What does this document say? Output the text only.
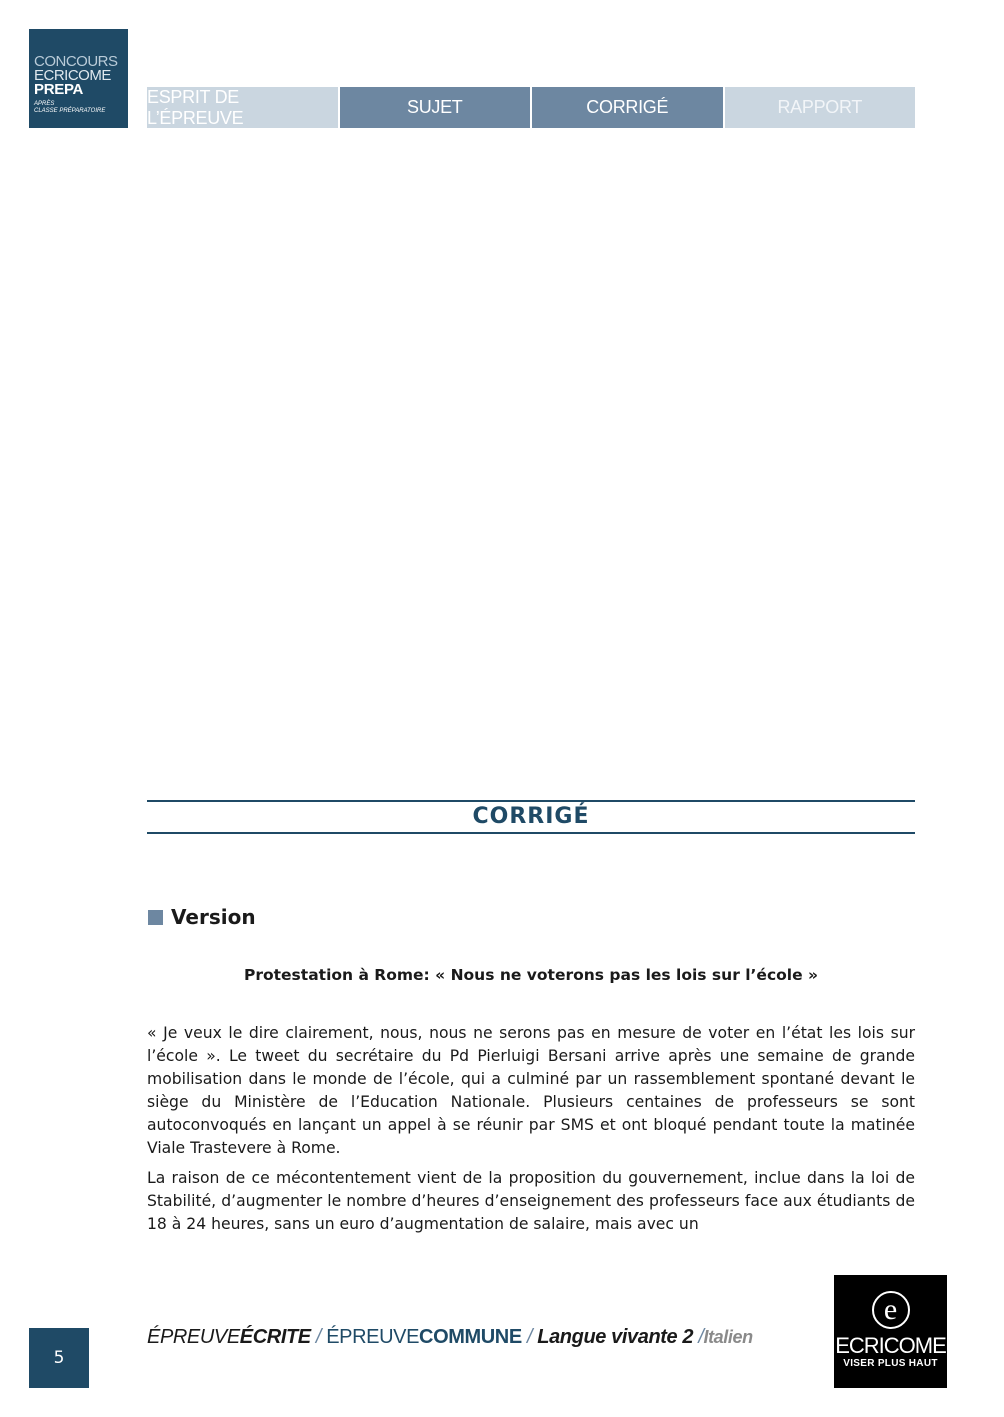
CONCOURS
ECRICOME
PREPA
APRÈS
CLASSE PRÉPARATOIRE
ESPRIT DE L’ÉPREUVE
SUJET	CORRIGÉ	RAPPORT
CORRIGÉ
Version
Protestation à Rome: « Nous ne voterons pas les lois sur l’école »

« Je veux le dire clairement, nous, nous ne serons pas en mesure de voter en l’état les lois sur l’école ». Le tweet du secrétaire du Pd Pierluigi Bersani arrive après une semaine de grande mobilisation dans le monde de l’école, qui a culminé par un rassemblement spontané devant le siège du Ministère de l’Education Nationale. Plusieurs centaines de professeurs se sont autoconvoqués en lançant un appel à se réunir par SMS et ont bloqué pendant toute la matinée Viale Trastevere à Rome.

La raison de ce mécontentement vient de la proposition du gouvernement, inclue dans la loi de Stabilité, d’augmenter le nombre d’heures d’enseignement des professeurs face aux étudiants de 18 à 24 heures, sans un euro d’augmentation de salaire, mais avec un

5
ÉPREUVEÉCRITE / ÉPREUVECOMMUNE / Langue vivante 2 /Italien
e
ECRICOME
VISER PLUS HAUT
